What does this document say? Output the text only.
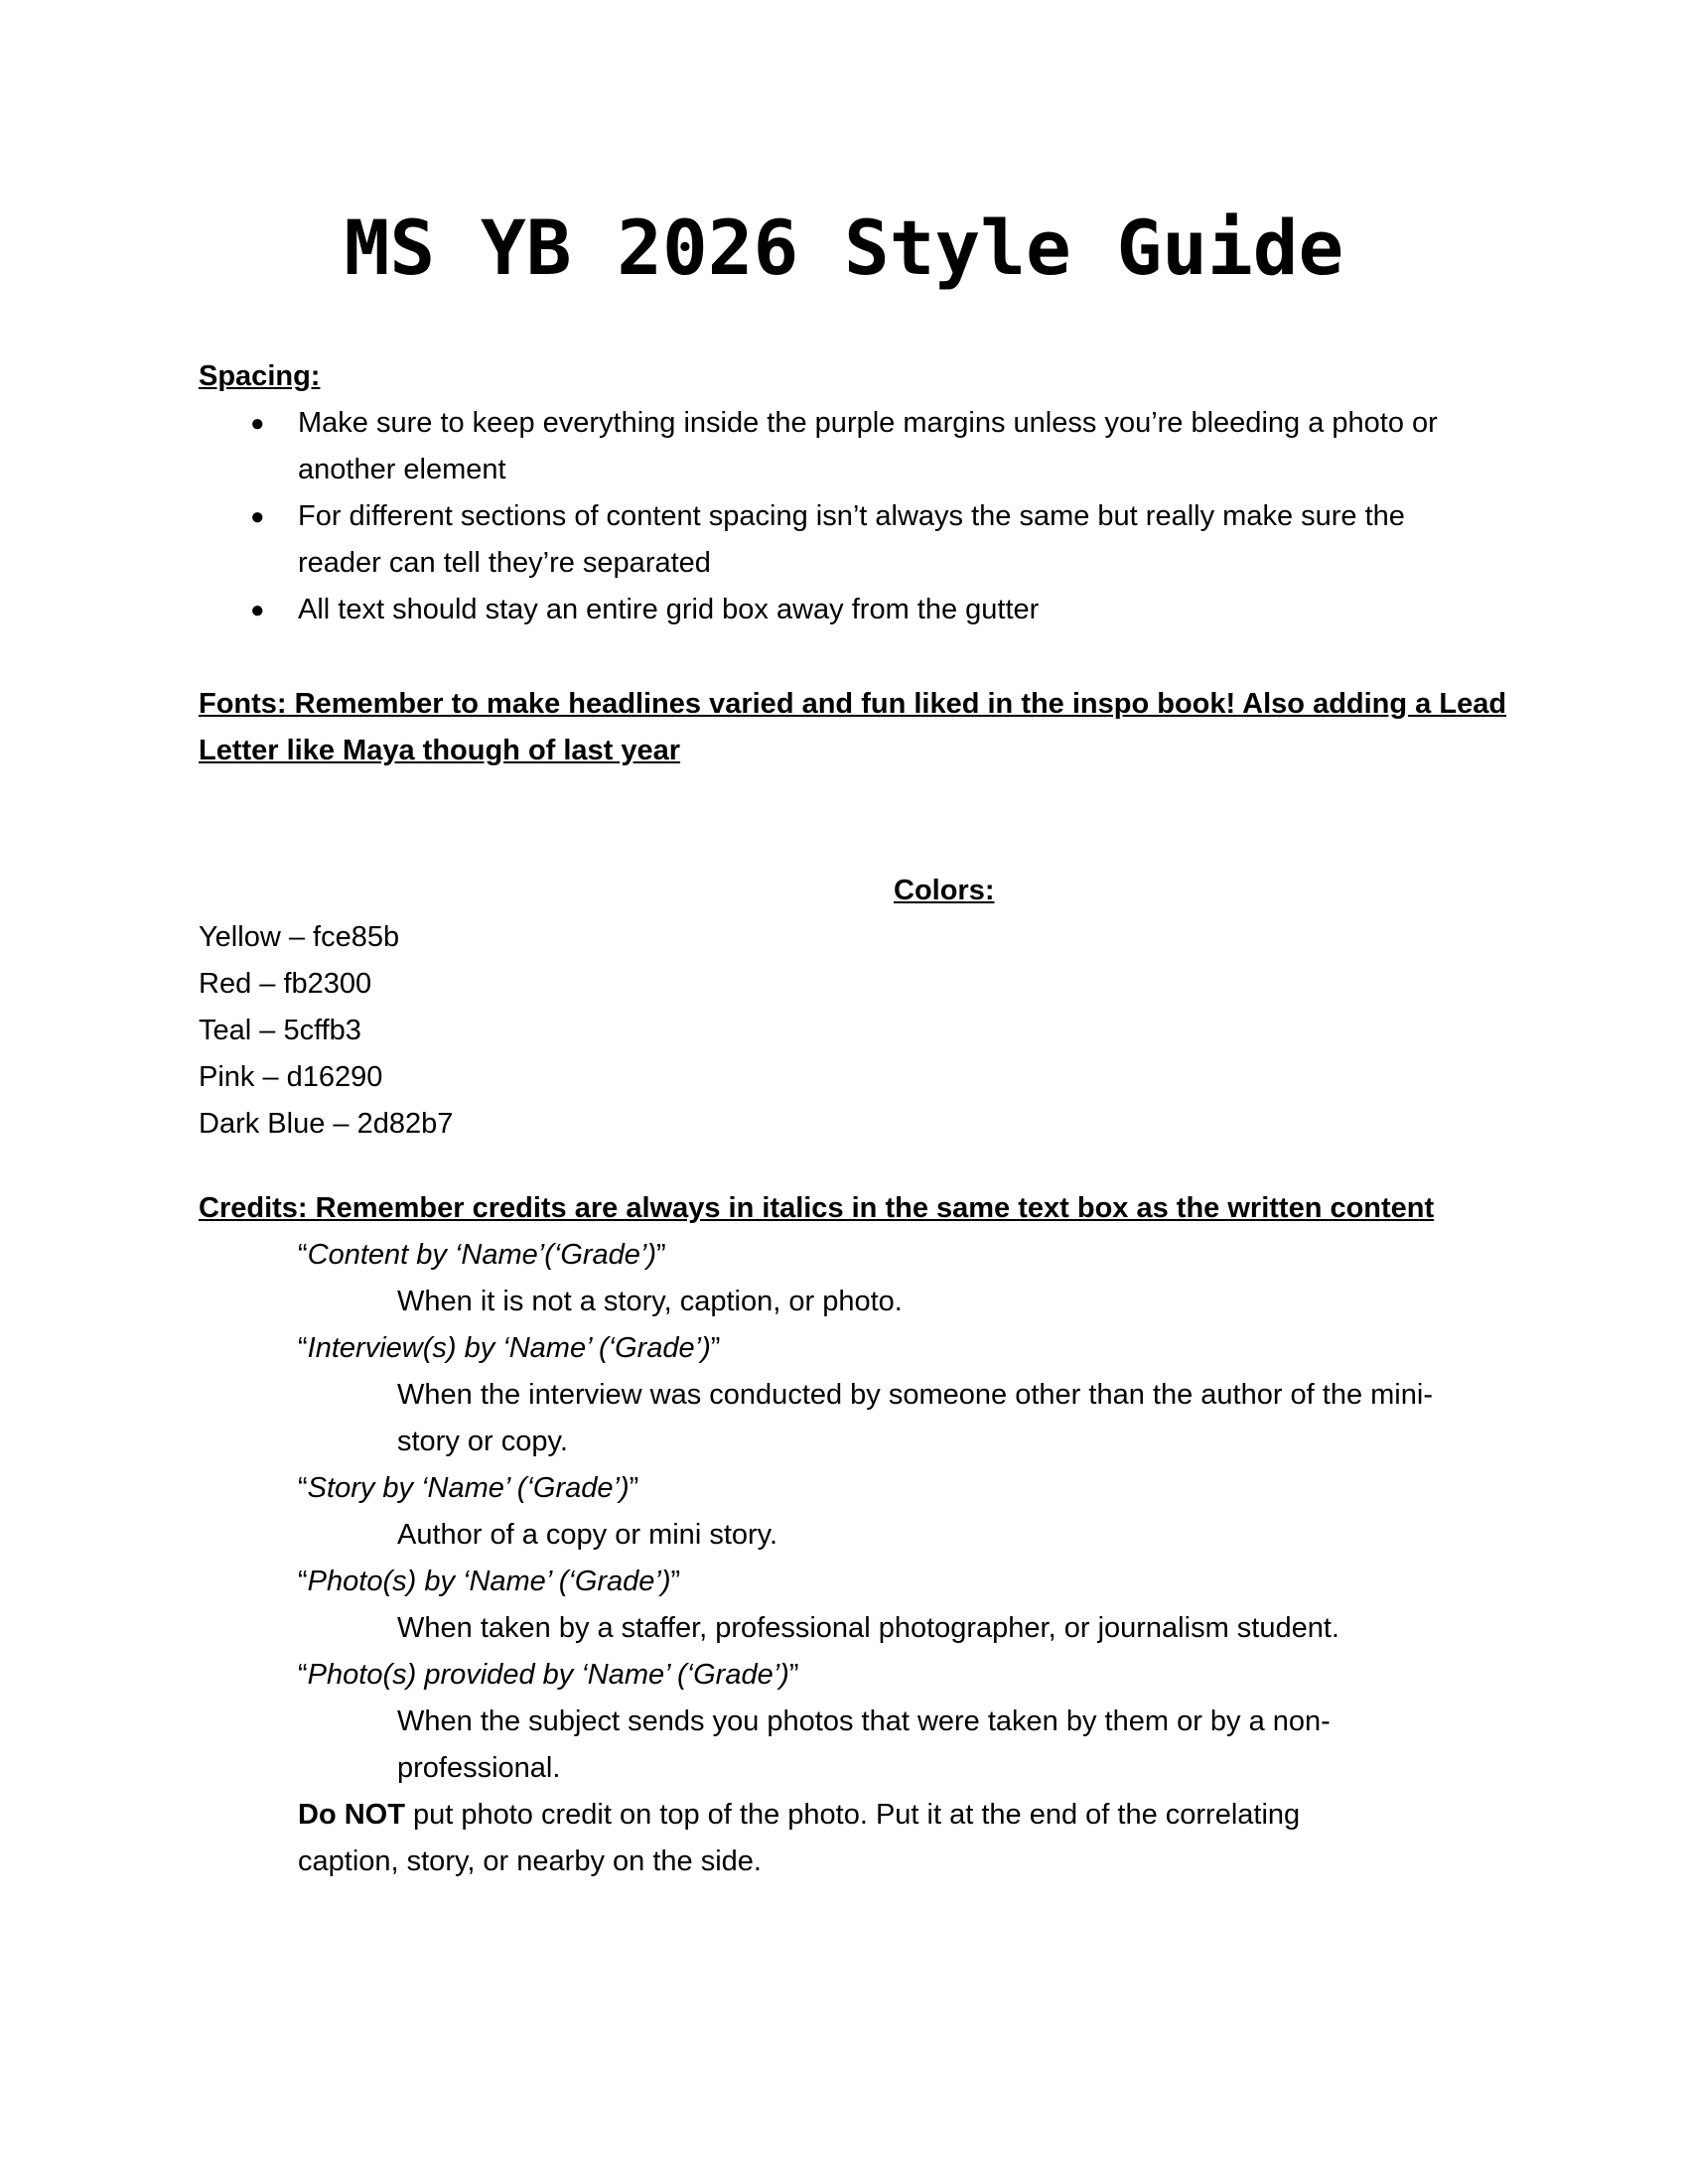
MS YB 2026 Style Guide
Spacing:
● Make sure to keep everything inside the purple margins unless you’re bleeding a photo or another element
● For different sections of content spacing isn’t always the same but really make sure the reader can tell they’re separated
● All text should stay an entire grid box away from the gutter
Fonts: Remember to make headlines varied and fun liked in the inspo book! Also adding a Lead Letter like Maya though of last year
Colors:
Yellow – fce85b
Red – fb2300
Teal – 5cffb3
Pink – d16290
Dark Blue – 2d82b7
Credits: Remember credits are always in italics in the same text box as the written content
“Content by ‘Name’(‘Grade’)”
When it is not a story, caption, or photo.
“Interview(s) by ‘Name’ (‘Grade’)”
When the interview was conducted by someone other than the author of the mini-story or copy.
“Story by ‘Name’ (‘Grade’)”
Author of a copy or mini story.
“Photo(s) by ‘Name’ (‘Grade’)”
When taken by a staffer, professional photographer, or journalism student.
“Photo(s) provided by ‘Name’ (‘Grade’)”
When the subject sends you photos that were taken by them or by a non-professional.
Do NOT put photo credit on top of the photo. Put it at the end of the correlating caption, story, or nearby on the side.
